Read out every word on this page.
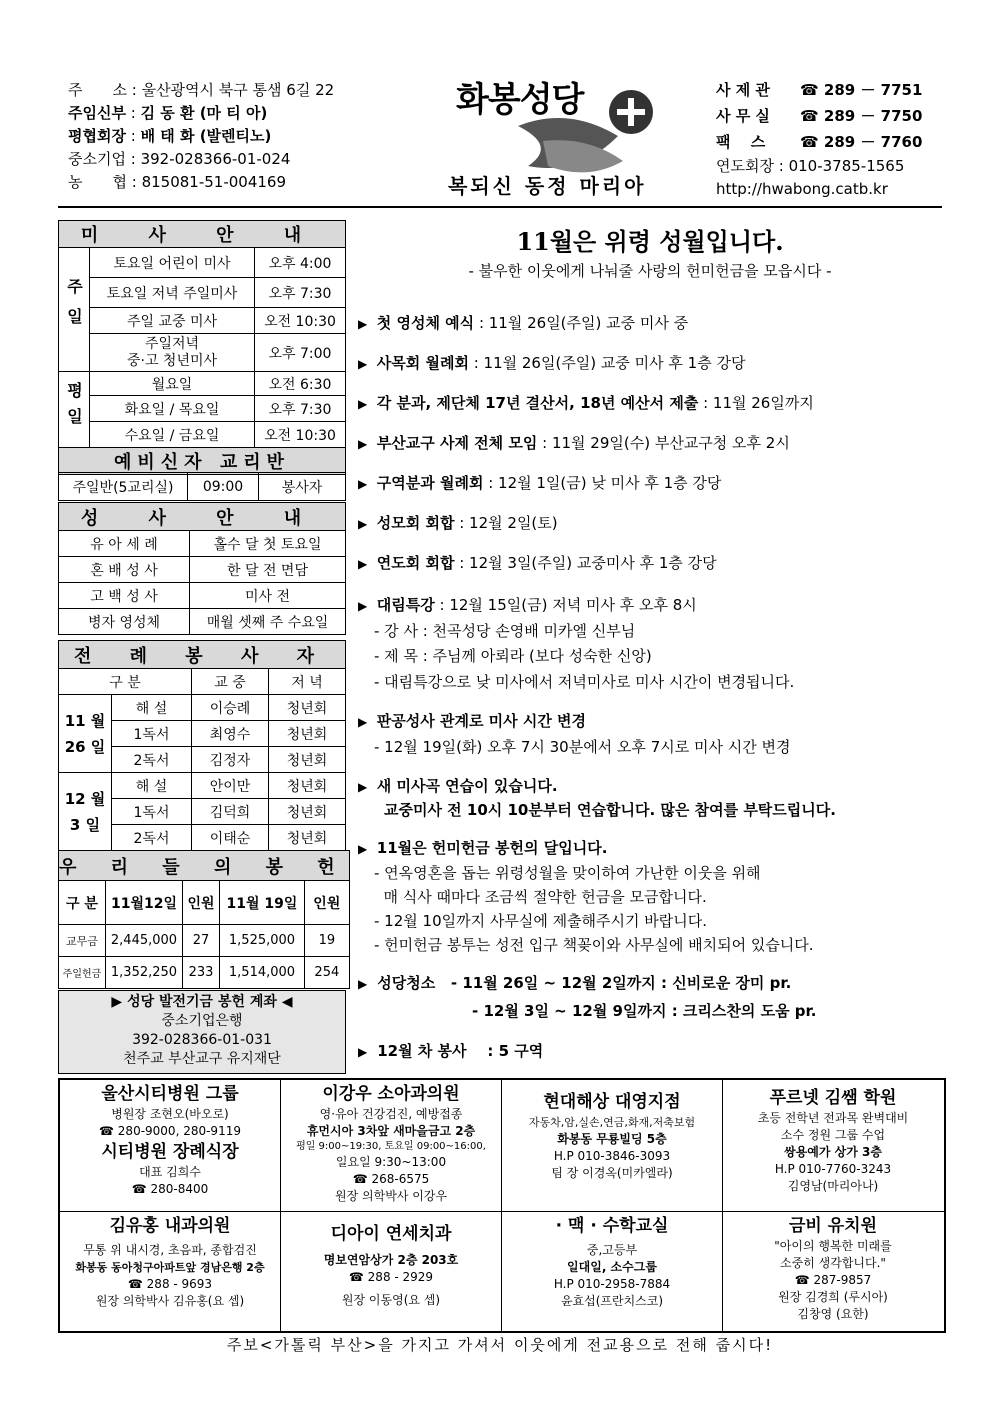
주　　소 : 울산광역시 북구 통샘 6길 22
주임신부 : 김 동 환 (마 티 아)
평협회장 : 배 태 화 (발렌티노)
중소기업 : 392-028366-01-024
농　　협 : 815081-51-004169
화봉성당
복되신 동정 마리아
사 제 관 ☎ 289 － 7751
사 무 실 ☎ 289 － 7750
팩　 스 ☎ 289 － 7760
연도회장 : 010-3785-1565
http://hwabong.catb.kr
미 사 안 내		
주일	토요일 어린이 미사	오후 4:00
	토요일 저녁 주일미사	오후 7:30
	주일 교중 미사	오전 10:30
	주일저녁
중·고 청년미사	오후 7:00
평일	월요일	오전 6:30
	화요일 / 목요일	오후 7:30
	수요일 / 금요일	오전 10:30
예비신자 교리반		
주일반(5교리실)	09:00	봉사자
성 사 안 내	
유 아 세 례	홀수 달 첫 토요일
혼 배 성 사	한 달 전 면담
고 백 성 사	미사 전
병자 영성체	매월 셋째 주 수요일
전 례 봉 사 자			
구 분		교 중	저 녁

11 월
26 일	해 설	이승례	청년회
	1독서	최영수	청년회
	2독서	김정자	청년회

12 월
3 일	해 설	안이만	청년회
	1독서	김덕희	청년회
	2독서	이태순	청년회
우 리 들 의 봉 헌				
구 분	11월12일	인원	11월 19일	인원
교무금	2,445,000	27	1,525,000	19
주일헌금	1,352,250	233	1,514,000	254
▶ 성당 발전기금 봉헌 계좌 ◀
중소기업은행
392-028366-01-031
천주교 부산교구 유지재단
11월은 위령 성월입니다.
- 불우한 이웃에게 나눠줄 사랑의 헌미헌금을 모읍시다 -
▶ 첫 영성체 예식 : 11월 26일(주일) 교중 미사 중
▶ 사목회 월례회 : 11월 26일(주일) 교중 미사 후 1층 강당
▶ 각 분과, 제단체 17년 결산서, 18년 예산서 제출 : 11월 26일까지
▶ 부산교구 사제 전체 모임 : 11월 29일(수) 부산교구청 오후 2시
▶ 구역분과 월례회 : 12월 1일(금) 낮 미사 후 1층 강당
▶ 성모회 회합 : 12월 2일(토)
▶ 연도회 회합 : 12월 3일(주일) 교중미사 후 1층 강당
▶ 대림특강 : 12월 15일(금) 저녁 미사 후 오후 8시
- 강 사 : 천곡성당 손영배 미카엘 신부님
- 제 목 : 주님께 아뢰라 (보다 성숙한 신앙)
- 대림특강으로 낮 미사에서 저녁미사로 미사 시간이 변경됩니다.
▶ 판공성사 관계로 미사 시간 변경
- 12월 19일(화) 오후 7시 30분에서 오후 7시로 미사 시간 변경
▶ 새 미사곡 연습이 있습니다.
교중미사 전 10시 10분부터 연습합니다. 많은 참여를 부탁드립니다.
▶ 11월은 헌미헌금 봉헌의 달입니다.
- 연옥영혼을 돕는 위령성월을 맞이하여 가난한 이웃을 위해
매 식사 때마다 조금씩 절약한 헌금을 모금합니다.
- 12월 10일까지 사무실에 제출해주시기 바랍니다.
- 헌미헌금 봉투는 성전 입구 책꽂이와 사무실에 배치되어 있습니다.
▶ 성당청소 - 11월 26일 ~ 12월 2일까지 : 신비로운 장미 pr.
- 12월 3일 ~ 12월 9일까지 : 크리스찬의 도움 pr.
▶ 12월 차 봉사 : 5 구역
울산시티병원 그룹
병원장 조현오(바오로)
☎ 280-9000, 280-9119
시티병원 장례식장
대표 김희수
☎ 280-8400
이강우 소아과의원
영·유아 건강검진, 예방접종
휴먼시아 3차앞 새마을금고 2층
평일 9:00~19:30, 토요일 09:00~16:00,
일요일 9:30~13:00
☎ 268-6575
원장 의학박사 이강우
현대해상 대영지점
자동차,암,실손,연금,화재,저축보험
화봉동 무룡빌딩 5층
H.P 010-3846-3093
팀 장 이경옥(미카엘라)
푸르넷 김쌤 학원
초등 전학년 전과목 완벽대비
소수 정원 그룹 수업
쌍용예가 상가 3층
H.P 010-7760-3243
김영남(마리아나)
김유홍 내과의원
무통 위 내시경, 초음파, 종합검진
화봉동 동아청구아파트앞 경남은행 2층
☎ 288 - 9693
원장 의학박사 김유홍(요 셉)
디아이 연세치과
명보연암상가 2층 203호
☎ 288 - 2929
원장 이동영(요 셉)
· 맥 · 수학교실
중,고등부
일대일, 소수그룹
H.P 010-2958-7884
윤효섭(프란치스코)
금비 유치원
"아이의 행복한 미래를
소중히 생각합니다."
☎ 287-9857
원장 김경희 (루시아)
김창영 (요한)
주보<가톨릭 부산>을 가지고 가셔서 이웃에게 전교용으로 전해 줍시다!
